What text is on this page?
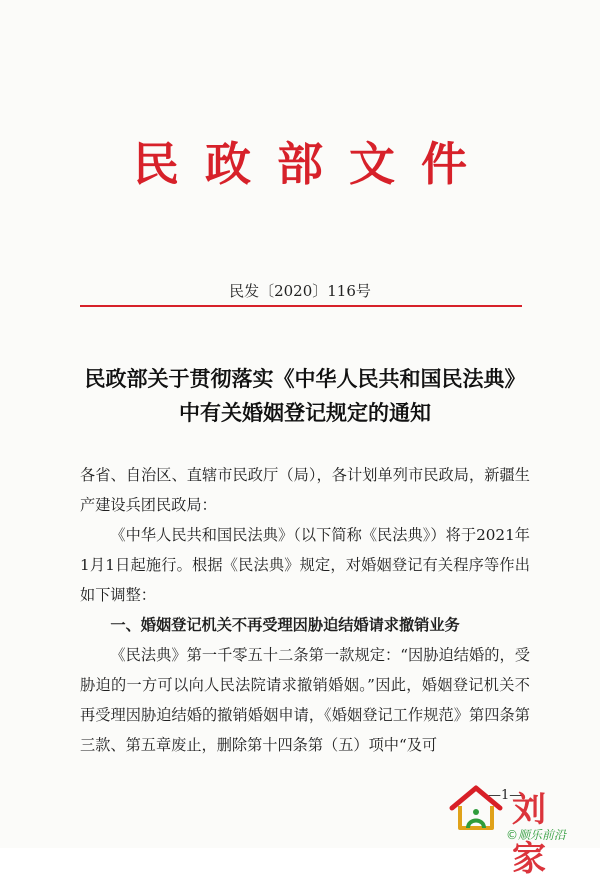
民政部文件
民发〔2020〕116号
民政部关于贯彻落实《中华人民共和国民法典》
中有关婚姻登记规定的通知

各省、自治区、直辖市民政厅（局），各计划单列市民政局，新疆生产建设兵团民政局：

《中华人民共和国民法典》（以下简称《民法典》）将于2021年1月1日起施行。根据《民法典》规定，对婚姻登记有关程序等作出如下调整：

一、婚姻登记机关不再受理因胁迫结婚请求撤销业务

《民法典》第一千零五十二条第一款规定：“因胁迫结婚的，受胁迫的一方可以向人民法院请求撤销婚姻。”因此，婚姻登记机关不再受理因胁迫结婚的撤销婚姻申请，《婚姻登记工作规范》第四条第三款、第五章废止，删除第十四条第（五）项中“及可

—1—
刘 家
©顺乐前沿
